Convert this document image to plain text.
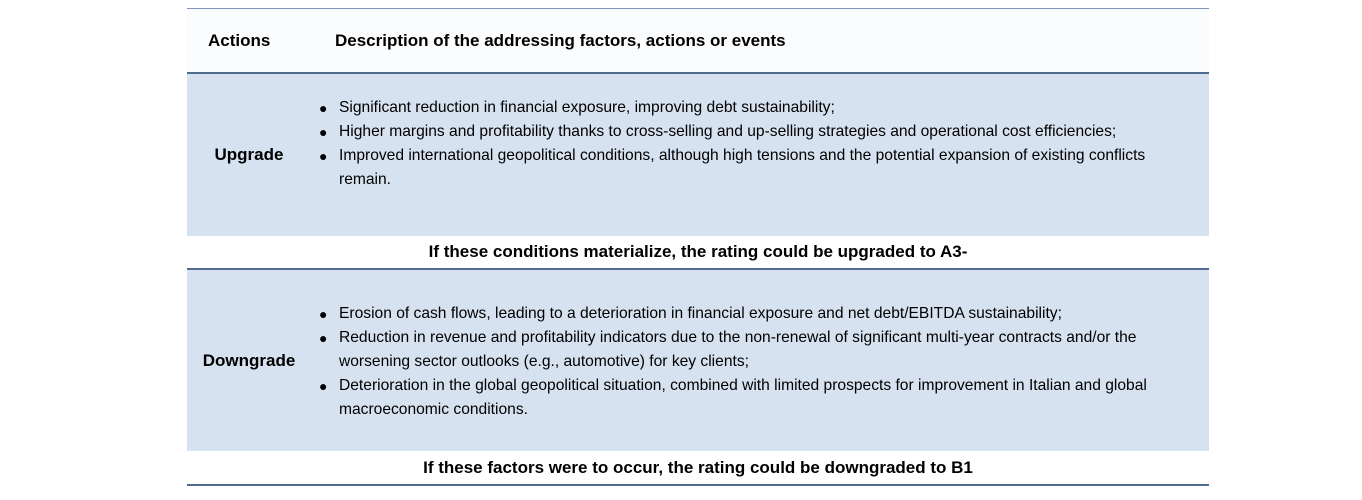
Actions	Description of the addressing factors, actions or events
Upgrade
● Significant reduction in financial exposure, improving debt sustainability;
● Higher margins and profitability thanks to cross-selling and up-selling strategies and operational cost efficiencies;
● Improved international geopolitical conditions, although high tensions and the potential expansion of existing conflicts remain.
If these conditions materialize, the rating could be upgraded to A3-
Downgrade
● Erosion of cash flows, leading to a deterioration in financial exposure and net debt/EBITDA sustainability;
● Reduction in revenue and profitability indicators due to the non-renewal of significant multi-year contracts and/or the worsening sector outlooks (e.g., automotive) for key clients;
● Deterioration in the global geopolitical situation, combined with limited prospects for improvement in Italian and global macroeconomic conditions.
If these factors were to occur, the rating could be downgraded to B1
